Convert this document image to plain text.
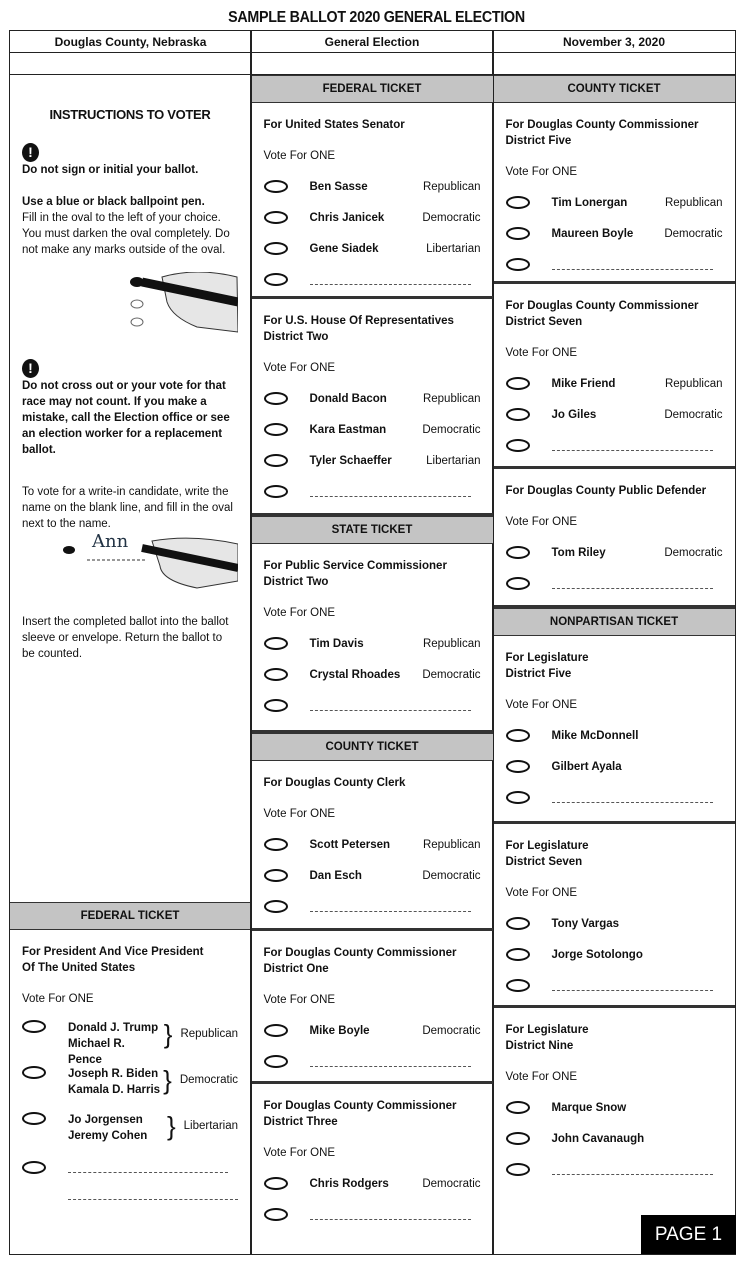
SAMPLE BALLOT 2020 GENERAL ELECTION
Douglas County, Nebraska	General Election	November 3, 2020
INSTRUCTIONS TO VOTER
!

Do not sign or initial your ballot.

Use a blue or black ballpoint pen.

Fill in the oval to the left of your choice. You must darken the oval completely. Do not make any marks outside of the oval.

!

Do not cross out or your vote for that race may not count. If you make a mistake, call the Election office or see an election worker for a replacement ballot.

To vote for a write-in candidate, write the name on the blank line, and fill in the oval next to the name.

Ann

Insert the completed ballot into the ballot sleeve or envelope. Return the ballot to be counted.

FEDERAL TICKET
For President And Vice President
Of The United States
Vote For ONE
Donald J. Trump
Michael R. Pence
} Republican
Joseph R. Biden
Kamala D. Harris } Democratic
Jo Jorgensen
Jeremy Cohen } Libertarian
FEDERAL TICKET
For United States Senator
Vote For ONE
Ben Sasse	Republican
Chris Janicek	Democratic
Gene Siadek	Libertarian
For U.S. House Of Representatives
District Two
Vote For ONE
Donald Bacon	Republican
Kara Eastman	Democratic
Tyler Schaeffer	Libertarian
STATE TICKET
For Public Service Commissioner
District Two
Vote For ONE
Tim Davis	Republican
Crystal Rhoades	Democratic
COUNTY TICKET
For Douglas County Clerk
Vote For ONE
Scott Petersen	Republican
Dan Esch	Democratic
For Douglas County Commissioner
District One
Vote For ONE
Mike Boyle	Democratic
For Douglas County Commissioner
District Three
Vote For ONE
Chris Rodgers	Democratic
COUNTY TICKET
For Douglas County Commissioner
District Five
Vote For ONE
Tim Lonergan	Republican
Maureen Boyle	Democratic
For Douglas County Commissioner
District Seven
Vote For ONE
Mike Friend	Republican
Jo Giles	Democratic
For Douglas County Public Defender
Vote For ONE
Tom Riley	Democratic
NONPARTISAN TICKET
For Legislature
District Five
Vote For ONE
Mike McDonnell
Gilbert Ayala
For Legislature
District Seven
Vote For ONE
Tony Vargas
Jorge Sotolongo
For Legislature
District Nine
Vote For ONE
Marque Snow
John Cavanaugh
PAGE 1
